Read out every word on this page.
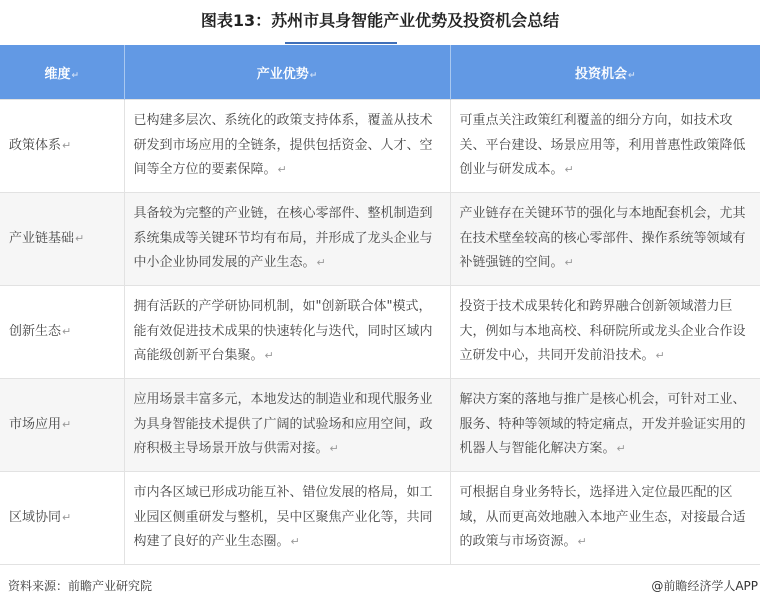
图表13：苏州市具身智能产业优势及投资机会总结
维度↵	产业优势↵	投资机会↵
政策体系↵	已构建多层次、系统化的政策支持体系，覆盖从技术研发到市场应用的全链条，提供包括资金、人才、空间等全方位的要素保障。↵	可重点关注政策红利覆盖的细分方向，如技术攻关、平台建设、场景应用等，利用普惠性政策降低创业与研发成本。↵
产业链基础↵	具备较为完整的产业链，在核心零部件、整机制造到系统集成等关键环节均有布局，并形成了龙头企业与中小企业协同发展的产业生态。↵	产业链存在关键环节的强化与本地配套机会，尤其在技术壁垒较高的核心零部件、操作系统等领域有补链强链的空间。↵
创新生态↵	拥有活跃的产学研协同机制，如"创新联合体"模式，能有效促进技术成果的快速转化与迭代，同时区域内高能级创新平台集聚。↵	投资于技术成果转化和跨界融合创新领域潜力巨大，例如与本地高校、科研院所或龙头企业合作设立研发中心，共同开发前沿技术。↵
市场应用↵	应用场景丰富多元，本地发达的制造业和现代服务业为具身智能技术提供了广阔的试验场和应用空间，政府积极主导场景开放与供需对接。↵	解决方案的落地与推广是核心机会，可针对工业、服务、特种等领域的特定痛点，开发并验证实用的机器人与智能化解决方案。↵
区域协同↵	市内各区域已形成功能互补、错位发展的格局，如工业园区侧重研发与整机，吴中区聚焦产业化等，共同构建了良好的产业生态圈。↵	可根据自身业务特长，选择进入定位最匹配的区域，从而更高效地融入本地产业生态，对接最合适的政策与市场资源。↵
资料来源：前瞻产业研究院	@前瞻经济学人APP
